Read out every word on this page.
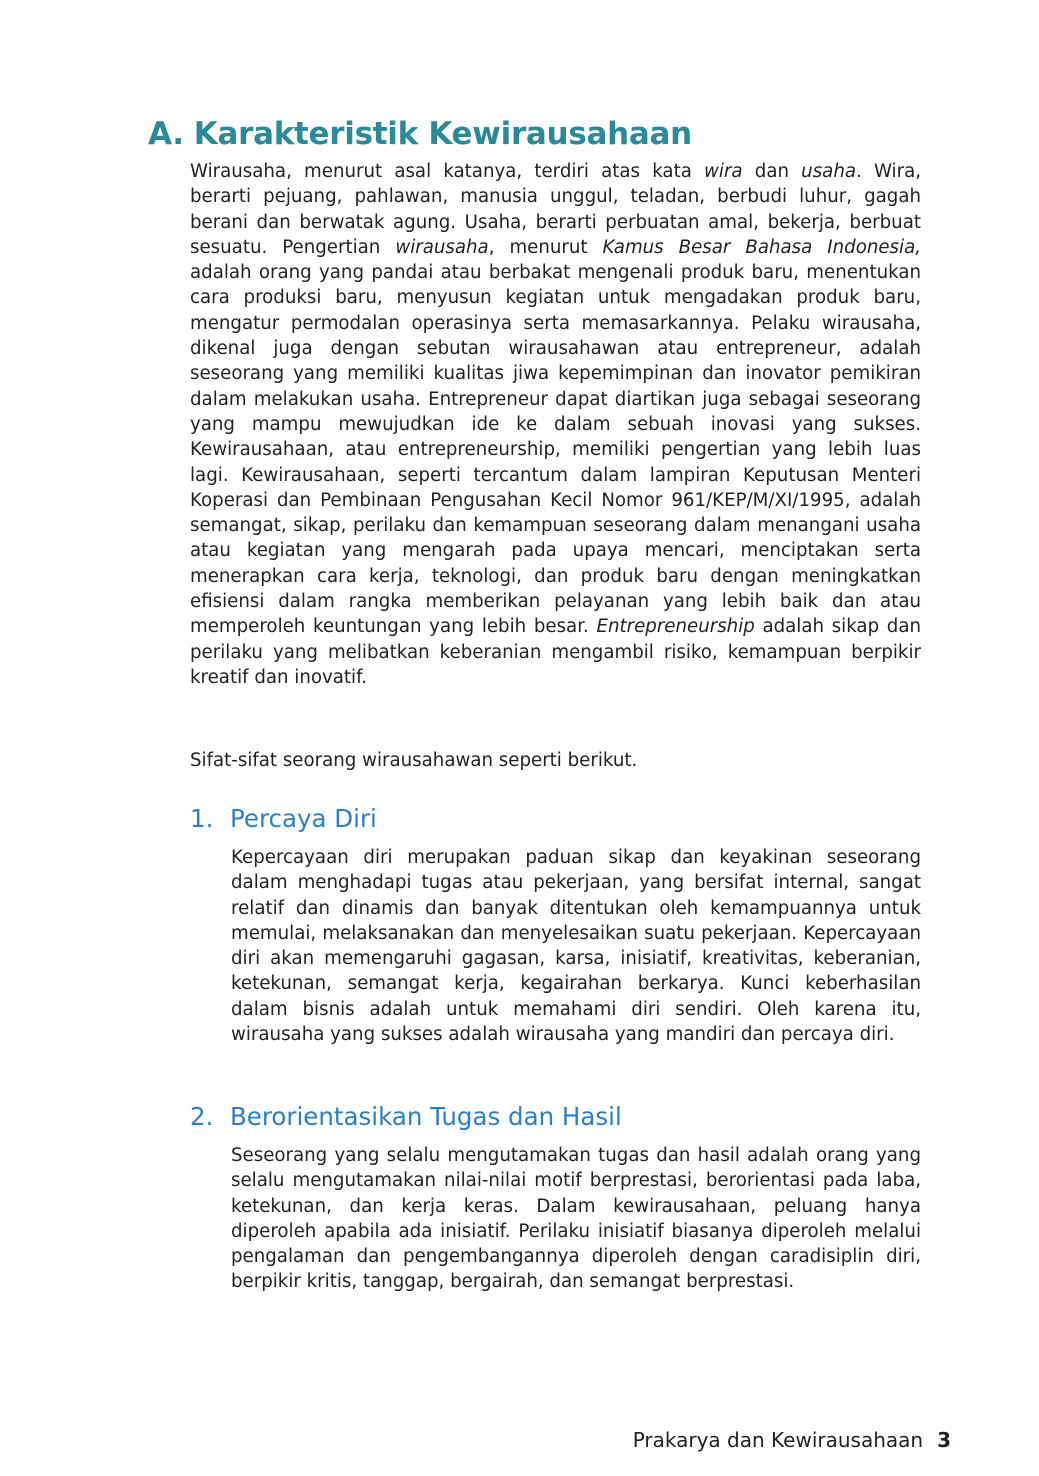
A. Karakteristik Kewirausahaan

Wirausaha, menurut asal katanya, terdiri atas kata wira dan usaha. Wira, berarti pejuang, pahlawan, manusia unggul, teladan, berbudi luhur, gagah berani dan berwatak agung. Usaha, berarti perbuatan amal, bekerja, berbuat sesuatu. Pengertian wirausaha, menurut Kamus Besar Bahasa Indonesia, adalah orang yang pandai atau berbakat mengenali produk baru, menentukan cara produksi baru, menyusun kegiatan untuk mengadakan produk baru, mengatur permodalan operasinya serta memasarkannya. Pelaku wirausaha, dikenal juga dengan sebutan wirausahawan atau entrepreneur, adalah seseorang yang memiliki kualitas jiwa kepemimpinan dan inovator pemikiran dalam melakukan usaha. Entrepreneur dapat diartikan juga sebagai seseorang yang mampu mewujudkan ide ke dalam sebuah inovasi yang sukses. Kewirausahaan, atau entrepreneurship, memiliki pengertian yang lebih luas lagi. Kewirausahaan, seperti tercantum dalam lampiran Keputusan Menteri Koperasi dan Pembinaan Pengusahan Kecil Nomor 961/KEP/M/XI/1995, adalah semangat, sikap, perilaku dan kemampuan seseorang dalam menangani usaha atau kegiatan yang mengarah pada upaya mencari, menciptakan serta menerapkan cara kerja, teknologi, dan produk baru dengan meningkatkan efisiensi dalam rangka memberikan pelayanan yang lebih baik dan atau memperoleh keuntungan yang lebih besar. Entrepreneurship adalah sikap dan perilaku yang melibatkan keberanian mengambil risiko, kemampuan berpikir kreatif dan inovatif.

Sifat-sifat seorang wirausahawan seperti berikut.

1. Percaya Diri

Kepercayaan diri merupakan paduan sikap dan keyakinan seseorang dalam menghadapi tugas atau pekerjaan, yang bersifat internal, sangat relatif dan dinamis dan banyak ditentukan oleh kemampuannya untuk memulai, melaksanakan dan menyelesaikan suatu pekerjaan. Kepercayaan diri akan memengaruhi gagasan, karsa, inisiatif, kreativitas, keberanian, ketekunan, semangat kerja, kegairahan berkarya. Kunci keberhasilan dalam bisnis adalah untuk memahami diri sendiri. Oleh karena itu, wirausaha yang sukses adalah wirausaha yang mandiri dan percaya diri.

2. Berorientasikan Tugas dan Hasil

Seseorang yang selalu mengutamakan tugas dan hasil adalah orang yang selalu mengutamakan nilai-nilai motif berprestasi, berorientasi pada laba, ketekunan, dan kerja keras. Dalam kewirausahaan, peluang hanya diperoleh apabila ada inisiatif. Perilaku inisiatif biasanya diperoleh melalui pengalaman dan pengembangannya diperoleh dengan caradisiplin diri, berpikir kritis, tanggap, bergairah, dan semangat berprestasi.

Prakarya dan Kewirausahaan 3
